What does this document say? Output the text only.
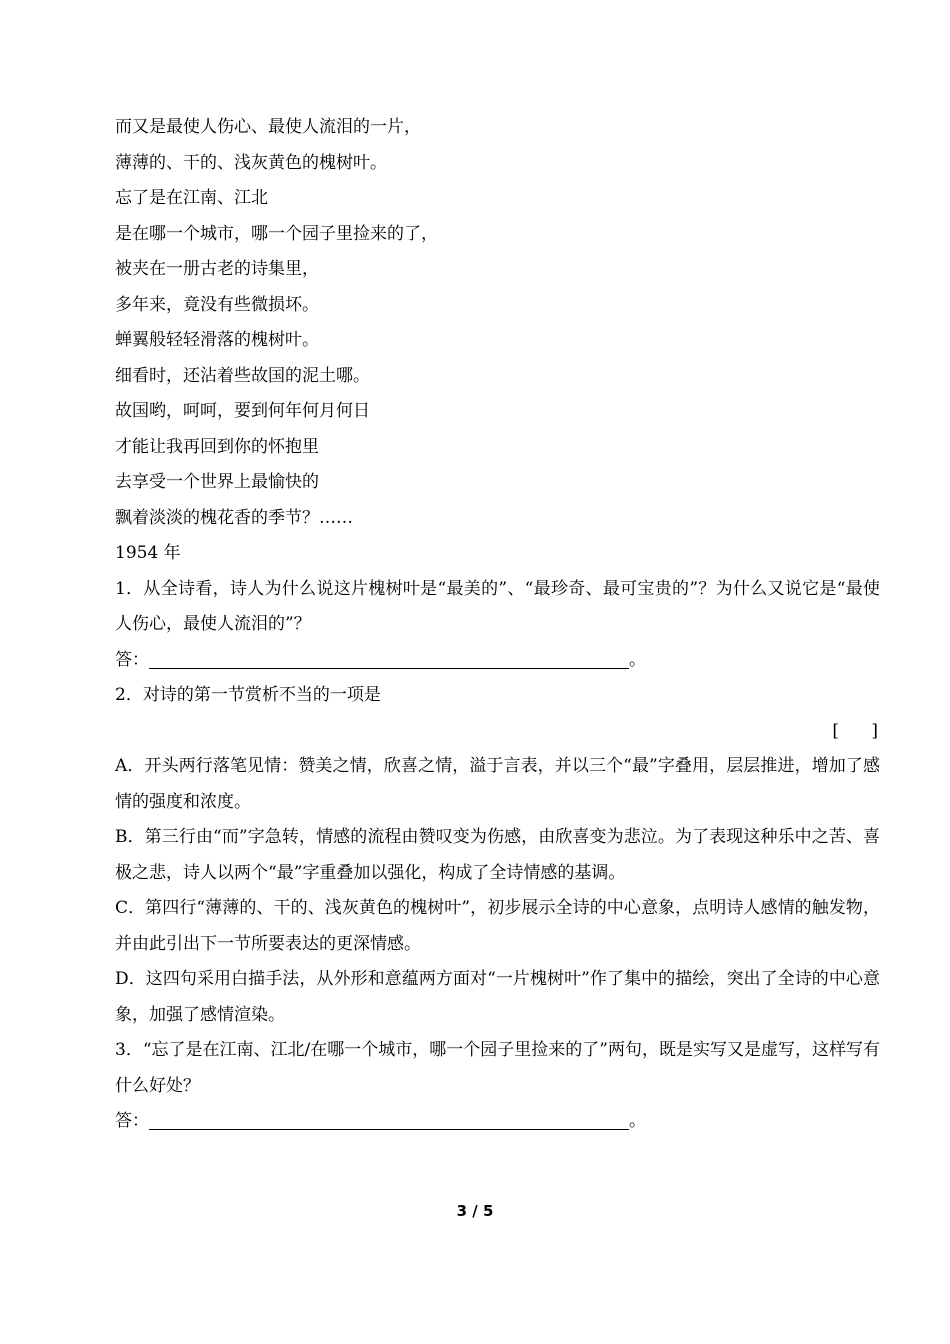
而又是最使人伤心、最使人流泪的一片，
薄薄的、干的、浅灰黄色的槐树叶。
忘了是在江南、江北
是在哪一个城市，哪一个园子里捡来的了，
被夹在一册古老的诗集里，
多年来，竟没有些微损坏。
蝉翼般轻轻滑落的槐树叶。
细看时，还沾着些故国的泥土哪。
故国哟，呵呵，要到何年何月何日
才能让我再回到你的怀抱里
去享受一个世界上最愉快的
飘着淡淡的槐花香的季节？……
1954 年
1．从全诗看，诗人为什么说这片槐树叶是“最美的”、“最珍奇、最可宝贵的”？为什么又说它是“最使人伤心，最使人流泪的”？
答：	。
2．对诗的第一节赏析不当的一项是
[      ]
A．开头两行落笔见情：赞美之情，欣喜之情，溢于言表，并以三个“最”字叠用，层层推进，增加了感情的强度和浓度。
B．第三行由“而”字急转，情感的流程由赞叹变为伤感，由欣喜变为悲泣。为了表现这种乐中之苦、喜极之悲，诗人以两个“最”字重叠加以强化，构成了全诗情感的基调。
C．第四行“薄薄的、干的、浅灰黄色的槐树叶”，初步展示全诗的中心意象，点明诗人感情的触发物，并由此引出下一节所要表达的更深情感。
D．这四句采用白描手法，从外形和意蕴两方面对“一片槐树叶”作了集中的描绘，突出了全诗的中心意象，加强了感情渲染。
3．“忘了是在江南、江北/在哪一个城市，哪一个园子里捡来的了”两句，既是实写又是虚写，这样写有什么好处？
答：	。
3 / 5
